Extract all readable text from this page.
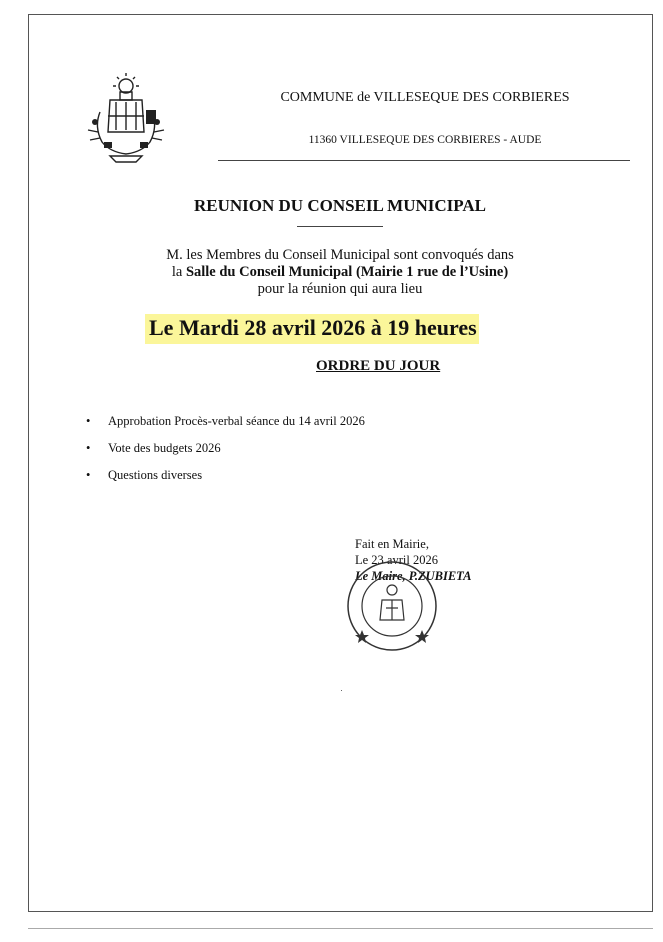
COMMUNE de VILLESEQUE DES CORBIERES
11360 VILLESEQUE DES CORBIERES - AUDE
REUNION DU CONSEIL MUNICIPAL
M. les Membres du Conseil Municipal sont convoqués dans
la Salle du Conseil Municipal (Mairie 1 rue de l’Usine)
pour la réunion qui aura lieu
Le Mardi 28 avril 2026 à 19 heures
ORDRE DU JOUR
•	Approbation Procès-verbal séance du 14 avril 2026
•	Vote des budgets 2026
•	Questions diverses
Fait en Mairie,
Le 23 avril 2026
Le Maire, P.ZUBIETA
